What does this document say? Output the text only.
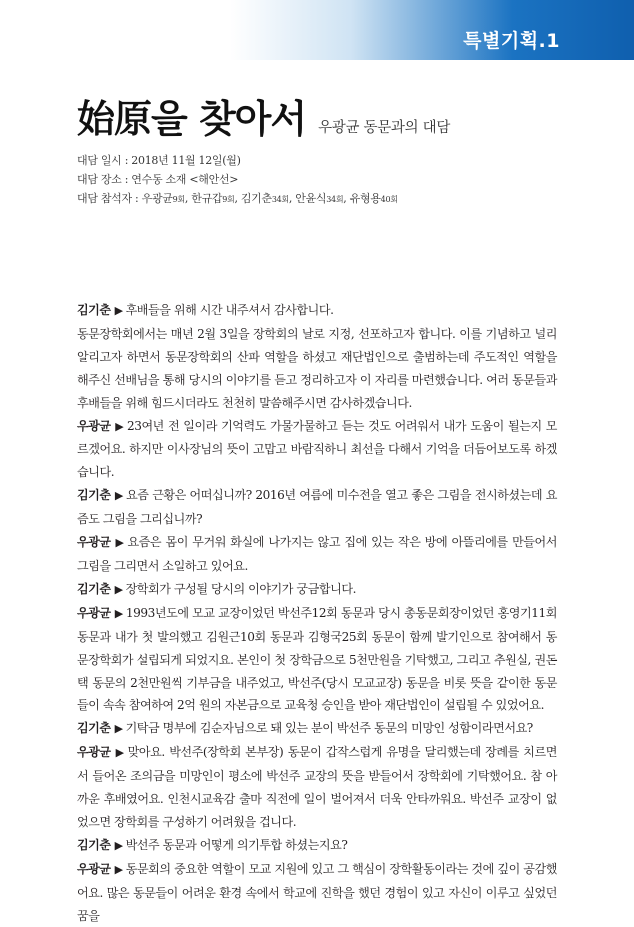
특별기획.1
始原을 찾아서 우광균 동문과의 대담
대담 일시 : 2018년 11월 12일(월)
대담 장소 : 연수동 소재 <해안선>
대담 참석자 : 우광균9회, 한규갑9회, 김기춘34회, 안윤식34회, 유형용40회

김기춘 ▶ 후배들을 위해 시간 내주셔서 감사합니다.

동문장학회에서는 매년 2월 3일을 장학회의 날로 지정, 선포하고자 합니다. 이를 기념하고 널리 알리고자 하면서 동문장학회의 산파 역할을 하셨고 재단법인으로 출범하는데 주도적인 역할을 해주신 선배님을 통해 당시의 이야기를 듣고 정리하고자 이 자리를 마련했습니다. 여러 동문들과 후배들을 위해 힘드시더라도 천천히 말씀해주시면 감사하겠습니다.

우광균 ▶ 23여년 전 일이라 기억력도 가물가물하고 듣는 것도 어려워서 내가 도움이 될는지 모르겠어요. 하지만 이사장님의 뜻이 고맙고 바람직하니 최선을 다해서 기억을 더듬어보도록 하겠습니다.

김기춘 ▶ 요즘 근황은 어떠십니까? 2016년 여름에 미수전을 열고 좋은 그림을 전시하셨는데 요즘도 그림을 그리십니까?

우광균 ▶ 요즘은 몸이 무거워 화실에 나가지는 않고 집에 있는 작은 방에 아뜰리에를 만들어서 그림을 그리면서 소일하고 있어요.

김기춘 ▶ 장학회가 구성될 당시의 이야기가 궁금합니다.

우광균 ▶ 1993년도에 모교 교장이었던 박선주12회 동문과 당시 총동문회장이었던 홍영기11회 동문과 내가 첫 발의했고 김원근10회 동문과 김형국25회 동문이 함께 발기인으로 참여해서 동문장학회가 설립되게 되었지요. 본인이 첫 장학금으로 5천만원을 기탁했고, 그리고 추원실, 권돈택 동문의 2천만원씩 기부금을 내주었고, 박선주(당시 모교교장) 동문을 비롯 뜻을 같이한 동문들이 속속 참여하여 2억 원의 자본금으로 교육청 승인을 받아 재단법인이 설립될 수 있었어요.

김기춘 ▶ 기탁금 명부에 김순자님으로 돼 있는 분이 박선주 동문의 미망인 성함이라면서요?

우광균 ▶ 맞아요. 박선주(장학회 본부장) 동문이 갑작스럽게 유명을 달리했는데 장례를 치르면서 들어온 조의금을 미망인이 평소에 박선주 교장의 뜻을 받들어서 장학회에 기탁했어요. 참 아까운 후배였어요. 인천시교육감 출마 직전에 일이 벌어져서 더욱 안타까워요. 박선주 교장이 없었으면 장학회를 구성하기 어려웠을 겁니다.

김기춘 ▶ 박선주 동문과 어떻게 의기투합 하셨는지요?

우광균 ▶ 동문회의 중요한 역할이 모교 지원에 있고 그 핵심이 장학활동이라는 것에 깊이 공감했어요. 많은 동문들이 어려운 환경 속에서 학교에 진학을 했던 경험이 있고 자신이 이루고 싶었던 꿈을
